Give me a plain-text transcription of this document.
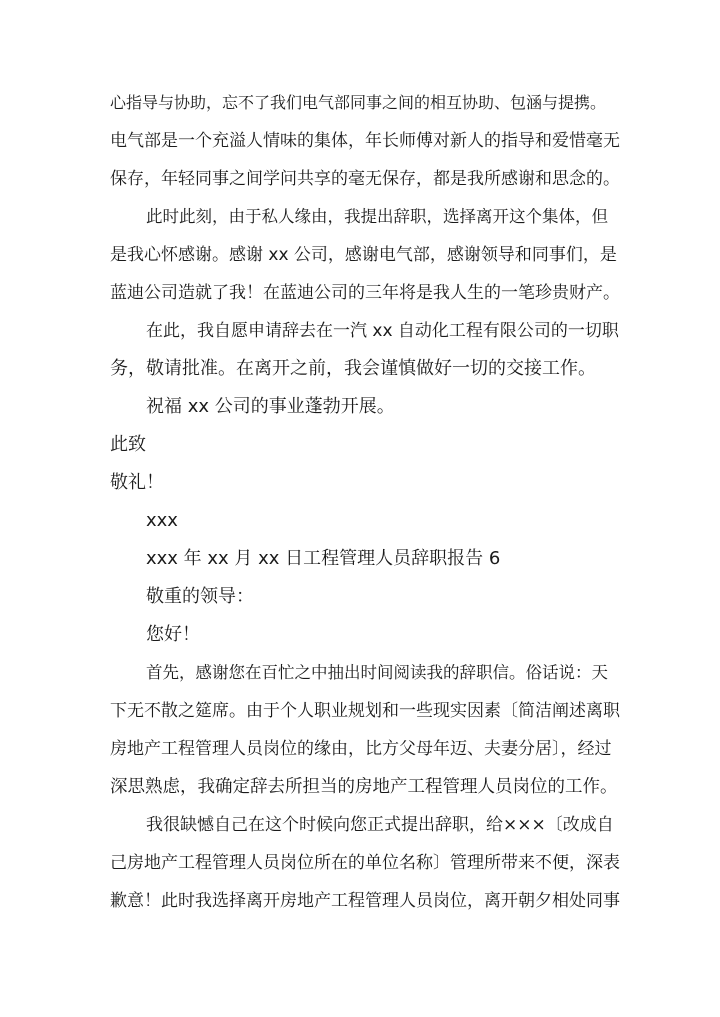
心指导与协助，忘不了我们电气部同事之间的相互协助、包涵与提携。
电气部是一个充溢人情味的集体，年长师傅对新人的指导和爱惜毫无
保存，年轻同事之间学问共享的毫无保存，都是我所感谢和思念的。
此时此刻，由于私人缘由，我提出辞职，选择离开这个集体，但
是我心怀感谢。感谢 xx 公司，感谢电气部，感谢领导和同事们，是
蓝迪公司造就了我！在蓝迪公司的三年将是我人生的一笔珍贵财产。
在此，我自愿申请辞去在一汽 xx 自动化工程有限公司的一切职
务，敬请批准。在离开之前，我会谨慎做好一切的交接工作。
祝福 xx 公司的事业蓬勃开展。
此致
敬礼！
xxx
xxx 年 xx 月 xx 日工程管理人员辞职报告 6
敬重的领导：
您好！
首先，感谢您在百忙之中抽出时间阅读我的辞职信。俗话说：天
下无不散之筵席。由于个人职业规划和一些现实因素〔简洁阐述离职
房地产工程管理人员岗位的缘由，比方父母年迈、夫妻分居〕，经过
深思熟虑，我确定辞去所担当的房地产工程管理人员岗位的工作。
我很缺憾自己在这个时候向您正式提出辞职，给×××〔改成自
己房地产工程管理人员岗位所在的单位名称〕管理所带来不便，深表
歉意！此时我选择离开房地产工程管理人员岗位，离开朝夕相处同事
